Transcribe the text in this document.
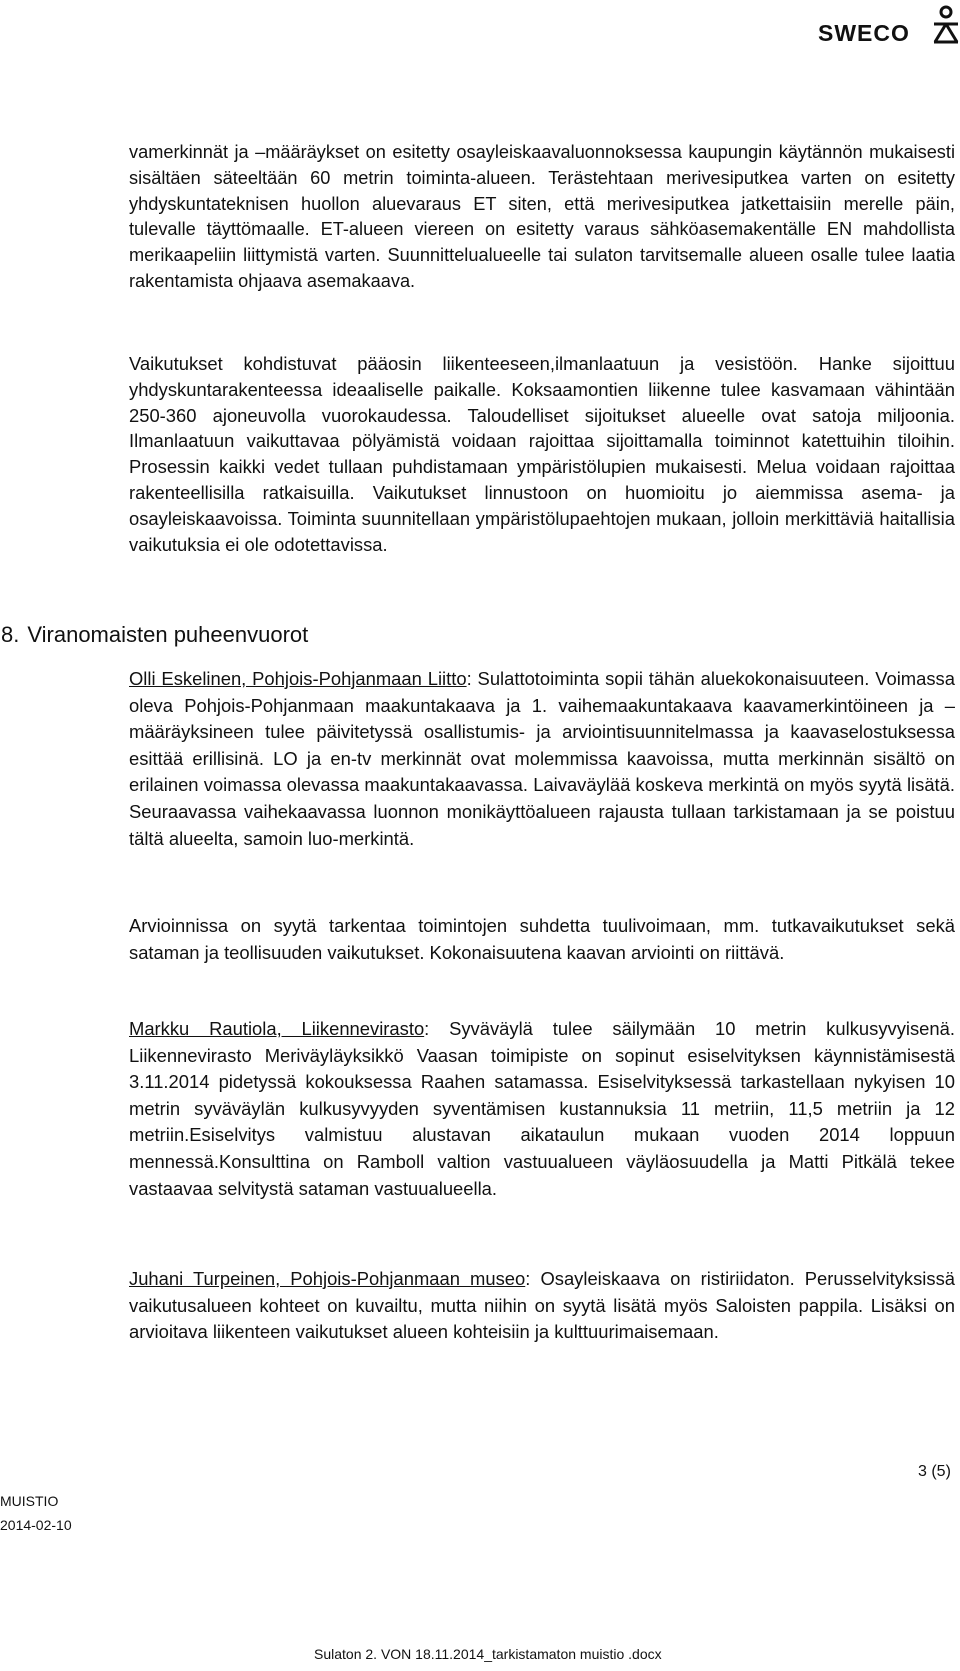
SWECO

vamerkinnät ja –määräykset on esitetty osayleiskaavaluonnoksessa kaupungin käytännön mukaisesti sisältäen säteeltään 60 metrin toiminta-alueen. Terästehtaan merivesiputkea varten on esitetty yhdyskuntateknisen huollon aluevaraus ET siten, että merivesiputkea jatkettaisiin merelle päin, tulevalle täyttömaalle. ET-alueen viereen on esitetty varaus sähköasemakentälle EN mahdollista merikaapeliin liittymistä varten. Suunnittelualueelle tai sulaton tarvitsemalle alueen osalle tulee laatia rakentamista ohjaava asemakaava.

Vaikutukset kohdistuvat pääosin liikenteeseen,ilmanlaatuun ja vesistöön. Hanke sijoittuu yhdyskuntarakenteessa ideaaliselle paikalle. Koksaamontien liikenne tulee kasvamaan vähintään 250-360 ajoneuvolla vuorokaudessa. Taloudelliset sijoitukset alueelle ovat satoja miljoonia. Ilmanlaatuun vaikuttavaa pölyämistä voidaan rajoittaa sijoittamalla toiminnot katettuihin tiloihin. Prosessin kaikki vedet tullaan puhdistamaan ympäristölupien mukaisesti. Melua voidaan rajoittaa rakenteellisilla ratkaisuilla. Vaikutukset linnustoon on huomioitu jo aiemmissa asema- ja osayleiskaavoissa. Toiminta suunnitellaan ympäristölupaehtojen mukaan, jolloin merkittäviä haitallisia vaikutuksia ei ole odotettavissa.

8. Viranomaisten puheenvuorot

Olli Eskelinen, Pohjois-Pohjanmaan Liitto: Sulattotoiminta sopii tähän aluekokonaisuuteen. Voimassa oleva Pohjois-Pohjanmaan maakuntakaava ja 1. vaihemaakuntakaava kaavamerkintöineen ja –määräyksineen tulee päivitetyssä osallistumis- ja arviointisuunnitelmassa ja kaavaselostuksessa esittää erillisinä. LO ja en-tv merkinnät ovat molemmissa kaavoissa, mutta merkinnän sisältö on erilainen voimassa olevassa maakuntakaavassa. Laivaväylää koskeva merkintä on myös syytä lisätä. Seuraavassa vaihekaavassa luonnon monikäyttöalueen rajausta tullaan tarkistamaan ja se poistuu tältä alueelta, samoin luo-merkintä.

Arvioinnissa on syytä tarkentaa toimintojen suhdetta tuulivoimaan, mm. tutkavaikutukset sekä sataman ja teollisuuden vaikutukset. Kokonaisuutena kaavan arviointi on riittävä.

Markku Rautiola, Liikennevirasto: Syväväylä tulee säilymään 10 metrin kulkusyvyisenä. Liikennevirasto Meriväyläyksikkö Vaasan toimipiste on sopinut esiselvityksen käynnistämisestä 3.11.2014 pidetyssä kokouksessa Raahen satamassa. Esiselvityksessä tarkastellaan nykyisen 10 metrin syväväylän kulkusyvyyden syventämisen kustannuksia 11 metriin, 11,5 metriin ja 12 metriin.Esiselvitys valmistuu alustavan aikataulun mukaan vuoden 2014 loppuun mennessä.Konsulttina on Ramboll valtion vastuualueen väyläosuudella ja Matti Pitkälä tekee vastaavaa selvitystä sataman vastuualueella.

Juhani Turpeinen, Pohjois-Pohjanmaan museo: Osayleiskaava on ristiriidaton. Perusselvityksissä vaikutusalueen kohteet on kuvailtu, mutta niihin on syytä lisätä myös Saloisten pappila. Lisäksi on arvioitava liikenteen vaikutukset alueen kohteisiin ja kulttuurimaisemaan.

3 (5)
MUISTIO
2014-02-10
Sulaton 2. VON 18.11.2014_tarkistamaton muistio .docx
